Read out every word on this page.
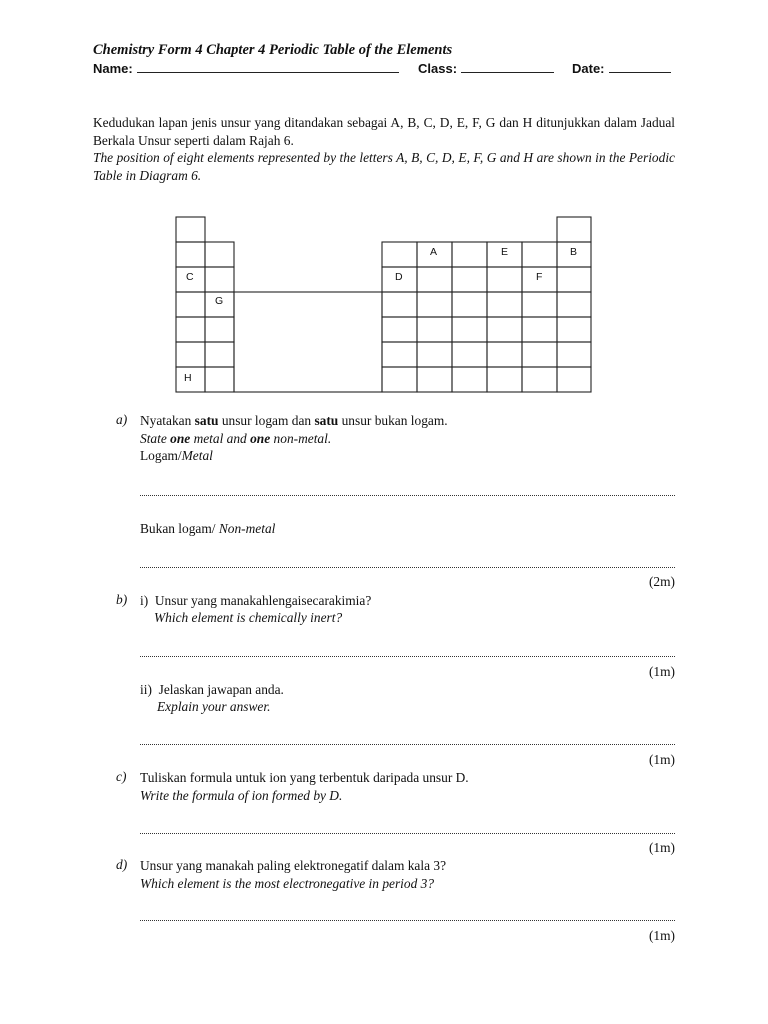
Chemistry Form 4 Chapter 4 Periodic Table of the Elements
Name:	Class:	Date:
Kedudukan lapan jenis unsur yang ditandakan sebagai A, B, C, D, E, F, G dan H ditunjukkan dalam Jadual Berkala Unsur seperti dalam Rajah 6.
The position of eight elements represented by the letters A, B, C, D, E, F, G and H are shown in the Periodic Table in Diagram 6.
C
G
H
D
A	E
F
B
a) Nyatakan satu unsur logam dan satu unsur bukan logam.
State one metal and one non-metal.
Logam/Metal
Bukan logam/ Non-metal
(2m)
b) i) Unsur yang manakahlengaisecarakimia?
Which element is chemically inert?
(1m)
ii) Jelaskan jawapan anda.
Explain your answer.
(1m)
c) Tuliskan formula untuk ion yang terbentuk daripada unsur D.
Write the formula of ion formed by D.
(1m)
d) Unsur yang manakah paling elektronegatif dalam kala 3?
Which element is the most electronegative in period 3?
(1m)
